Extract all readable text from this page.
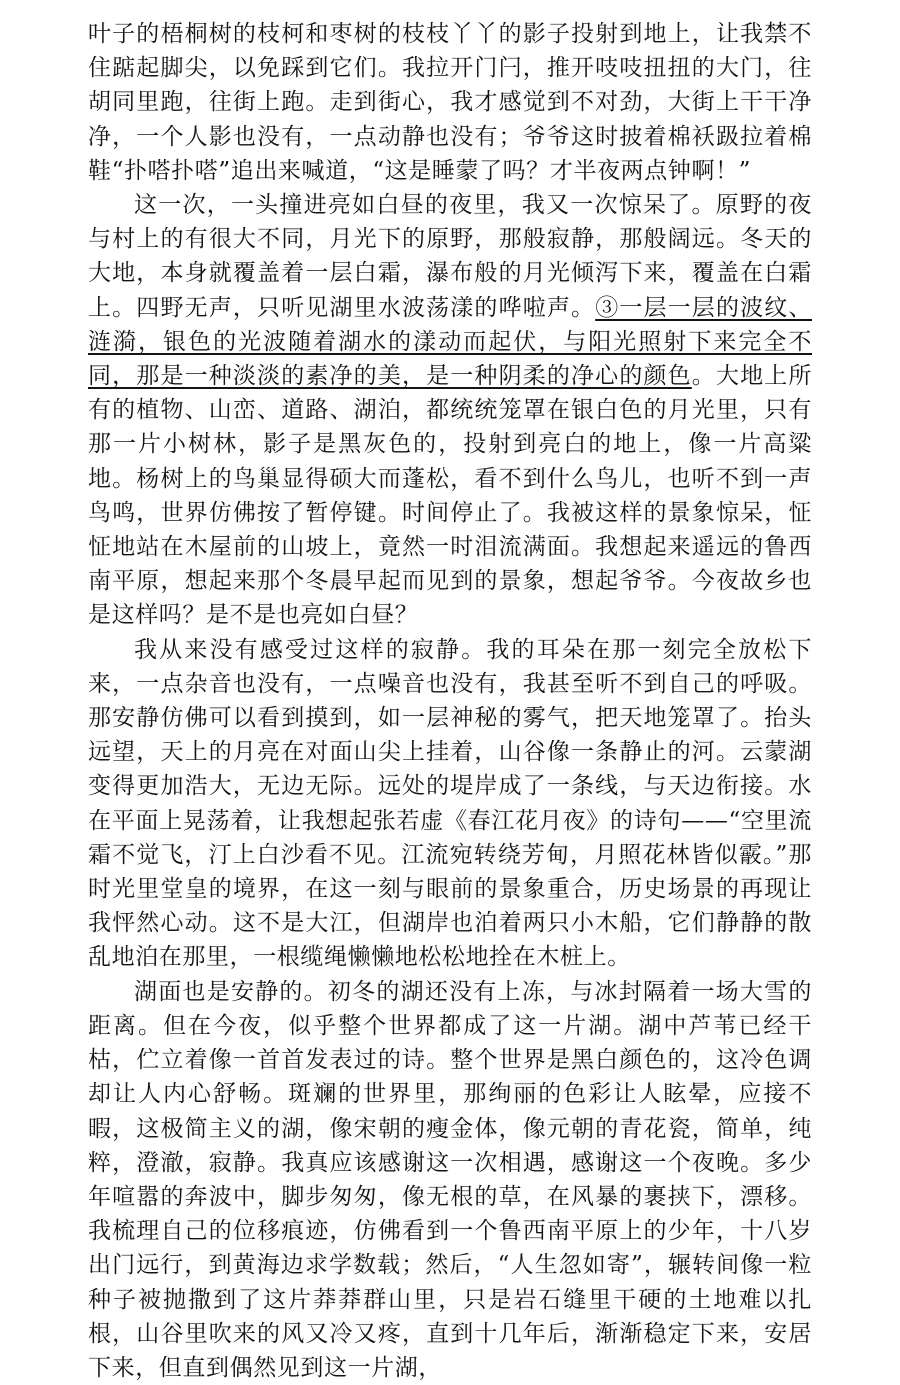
叶子的梧桐树的枝柯和枣树的枝枝丫丫的影子投射到地上，让我禁不住踮起脚尖，以免踩到它们。我拉开门闩，推开吱吱扭扭的大门，往胡同里跑，往街上跑。走到街心，我才感觉到不对劲，大街上干干净净，一个人影也没有，一点动静也没有；爷爷这时披着棉袄趿拉着棉鞋“扑嗒扑嗒”追出来喊道，“这是睡蒙了吗？才半夜两点钟啊！”

这一次，一头撞进亮如白昼的夜里，我又一次惊呆了。原野的夜与村上的有很大不同，月光下的原野，那般寂静，那般阔远。冬天的大地，本身就覆盖着一层白霜，瀑布般的月光倾泻下来，覆盖在白霜上。四野无声，只听见湖里水波荡漾的哗啦声。③一层一层的波纹、涟漪，银色的光波随着湖水的漾动而起伏，与阳光照射下来完全不同，那是一种淡淡的素净的美，是一种阴柔的净心的颜色。大地上所有的植物、山峦、道路、湖泊，都统统笼罩在银白色的月光里，只有那一片小树林，影子是黑灰色的，投射到亮白的地上，像一片高粱地。杨树上的鸟巢显得硕大而蓬松，看不到什么鸟儿，也听不到一声鸟鸣，世界仿佛按了暂停键。时间停止了。我被这样的景象惊呆，怔怔地站在木屋前的山坡上，竟然一时泪流满面。我想起来遥远的鲁西南平原，想起来那个冬晨早起而见到的景象，想起爷爷。今夜故乡也是这样吗？是不是也亮如白昼？

我从来没有感受过这样的寂静。我的耳朵在那一刻完全放松下来，一点杂音也没有，一点噪音也没有，我甚至听不到自己的呼吸。那安静仿佛可以看到摸到，如一层神秘的雾气，把天地笼罩了。抬头远望，天上的月亮在对面山尖上挂着，山谷像一条静止的河。云蒙湖变得更加浩大，无边无际。远处的堤岸成了一条线，与天边衔接。水在平面上晃荡着，让我想起张若虚《春江花月夜》的诗句——“空里流霜不觉飞，汀上白沙看不见。江流宛转绕芳甸，月照花林皆似霰。”那时光里堂皇的境界，在这一刻与眼前的景象重合，历史场景的再现让我怦然心动。这不是大江，但湖岸也泊着两只小木船，它们静静的散乱地泊在那里，一根缆绳懒懒地松松地拴在木桩上。

湖面也是安静的。初冬的湖还没有上冻，与冰封隔着一场大雪的距离。但在今夜，似乎整个世界都成了这一片湖。湖中芦苇已经干枯，伫立着像一首首发表过的诗。整个世界是黑白颜色的，这冷色调却让人内心舒畅。斑斓的世界里，那绚丽的色彩让人眩晕，应接不暇，这极简主义的湖，像宋朝的瘦金体，像元朝的青花瓷，简单，纯粹，澄澈，寂静。我真应该感谢这一次相遇，感谢这一个夜晚。多少年喧嚣的奔波中，脚步匆匆，像无根的草，在风暴的裹挟下，漂移。我梳理自己的位移痕迹，仿佛看到一个鲁西南平原上的少年，十八岁出门远行，到黄海边求学数载；然后，“人生忽如寄”，辗转间像一粒种子被抛撒到了这片莽莽群山里，只是岩石缝里干硬的土地难以扎根，山谷里吹来的风又冷又疼，直到十几年后，渐渐稳定下来，安居下来，但直到偶然见到这一片湖，
